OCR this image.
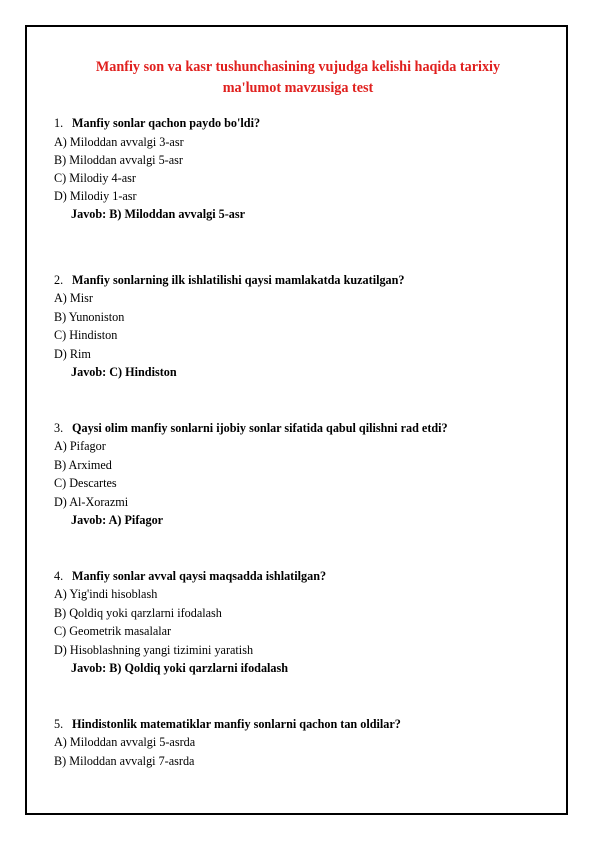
Manfiy son va kasr tushunchasining vujudga kelishi haqida tarixiy
ma'lumot mavzusiga test
1. Manfiy sonlar qachon paydo bo'ldi?
A) Miloddan avvalgi 3-asr
B) Miloddan avvalgi 5-asr
C) Milodiy 4-asr
D) Milodiy 1-asr
Javob: B) Miloddan avvalgi 5-asr
2. Manfiy sonlarning ilk ishlatilishi qaysi mamlakatda kuzatilgan?
A) Misr
B) Yunoniston
C) Hindiston
D) Rim
Javob: C) Hindiston
3. Qaysi olim manfiy sonlarni ijobiy sonlar sifatida qabul qilishni rad etdi?
A) Pifagor
B) Arximed
C) Descartes
D) Al-Xorazmi
Javob: A) Pifagor
4. Manfiy sonlar avval qaysi maqsadda ishlatilgan?
A) Yig'indi hisoblash
B) Qoldiq yoki qarzlarni ifodalash
C) Geometrik masalalar
D) Hisoblashning yangi tizimini yaratish
Javob: B) Qoldiq yoki qarzlarni ifodalash
5. Hindistonlik matematiklar manfiy sonlarni qachon tan oldilar?
A) Miloddan avvalgi 5-asrda
B) Miloddan avvalgi 7-asrda
